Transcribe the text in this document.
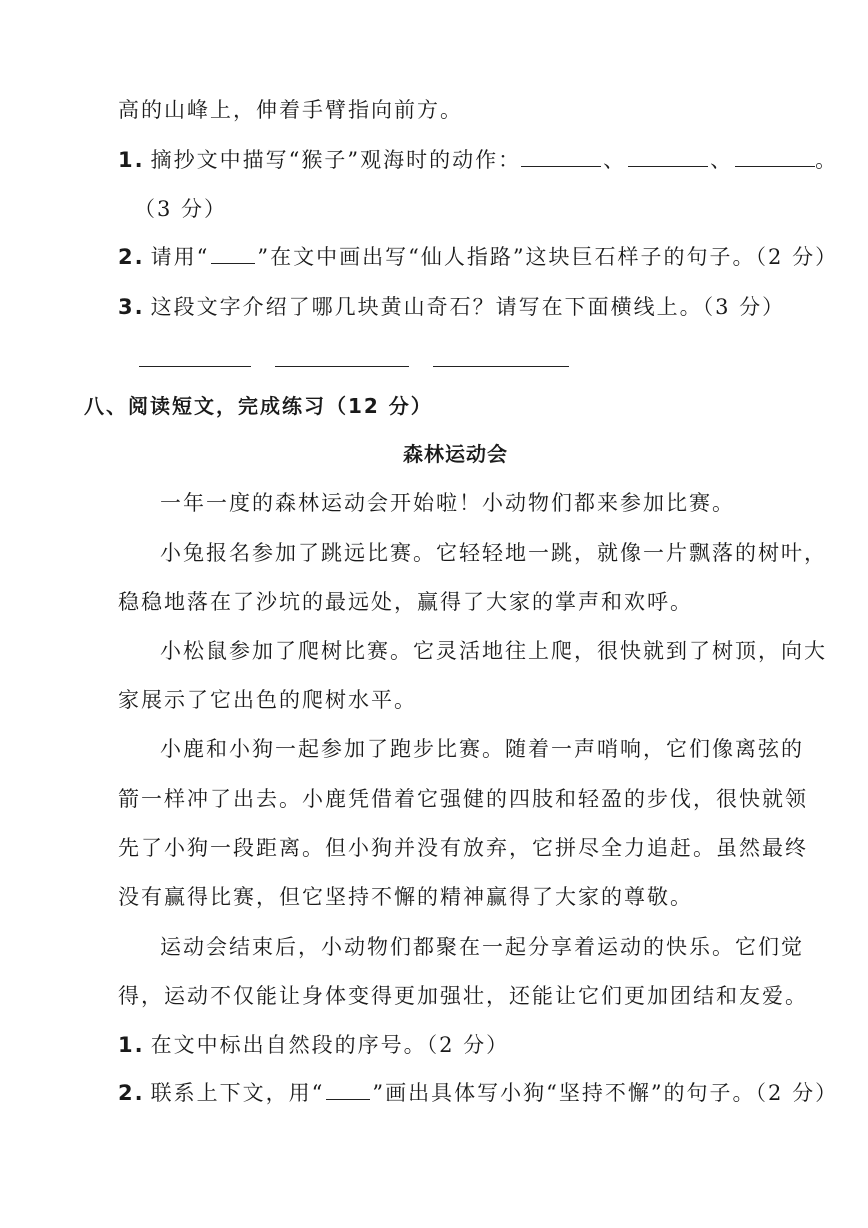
高的山峰上，伸着手臂指向前方。
1. 摘抄文中描写“猴子”观海时的动作：	、	、	。
（3 分）
2. 请用“ ”在文中画出写“仙人指路”这块巨石样子的句子。（2 分）
3. 这段文字介绍了哪几块黄山奇石？请写在下面横线上。（3 分）
八、阅读短文，完成练习（12 分）
森林运动会
一年一度的森林运动会开始啦！小动物们都来参加比赛。
小兔报名参加了跳远比赛。它轻轻地一跳，就像一片飘落的树叶，
稳稳地落在了沙坑的最远处，赢得了大家的掌声和欢呼。
小松鼠参加了爬树比赛。它灵活地往上爬，很快就到了树顶，向大
家展示了它出色的爬树水平。
小鹿和小狗一起参加了跑步比赛。随着一声哨响，它们像离弦的
箭一样冲了出去。小鹿凭借着它强健的四肢和轻盈的步伐，很快就领
先了小狗一段距离。但小狗并没有放弃，它拼尽全力追赶。虽然最终
没有赢得比赛，但它坚持不懈的精神赢得了大家的尊敬。
运动会结束后，小动物们都聚在一起分享着运动的快乐。它们觉
得，运动不仅能让身体变得更加强壮，还能让它们更加团结和友爱。
1. 在文中标出自然段的序号。（2 分）
2. 联系上下文，用“ ”画出具体写小狗“坚持不懈”的句子。（2 分）
